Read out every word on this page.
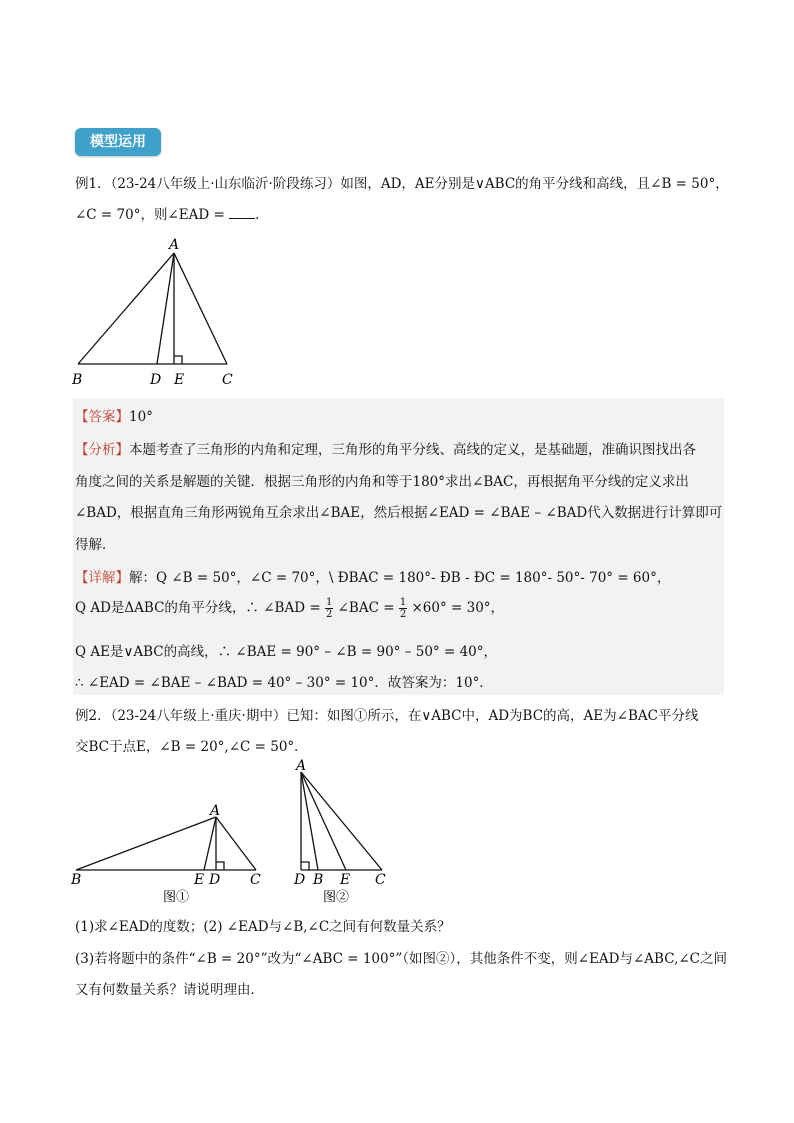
模型运用
例1．（23-24八年级上·山东临沂·阶段练习）如图，AD，AE分别是∨ABC的角平分线和高线，且∠B = 50°，
∠C = 70°，则∠EAD = ．
A
B	D E	C
【答案】10°
【分析】本题考查了三角形的内角和定理，三角形的角平分线、高线的定义，是基础题，准确识图找出各
角度之间的关系是解题的关键．根据三角形的内角和等于180°求出∠BAC，再根据角平分线的定义求出
∠BAD，根据直角三角形两锐角互余求出∠BAE，然后根据∠EAD = ∠BAE – ∠BAD代入数据进行计算即可
得解．
【详解】解：Q ∠B = 50°，∠C = 70°，\ ÐBAC = 180°- ÐB - ÐC = 180°- 50°- 70° = 60°，
Q AD是ΔABC的角平分线，∴ ∠BAD = $\frac{1}{2}$ ∠BAC = $\frac{1}{2} \times 60^\circ = 30^\circ$，
Q AE是∨ABC的高线，∴ ∠BAE = 90° – ∠B = 90° – 50° = 40°，
∴ ∠EAD = ∠BAE – ∠BAD = 40° – 30° = 10°．故答案为：10°．
例2．（23-24八年级上·重庆·期中）已知：如图①所示，在∨ABC中，AD为BC的高，AE为∠BAC平分线
交BC于点E，∠B = 20°,∠C = 50°．
A
B	E D C
图①
A
D B E C
图②
(1)求∠EAD的度数；(2) ∠EAD与∠B,∠C之间有何数量关系？
(3)若将题中的条件“∠B = 20°”改为“∠ABC = 100°”（如图②），其他条件不变，则∠EAD与∠ABC,∠C之间
又有何数量关系？请说明理由．
